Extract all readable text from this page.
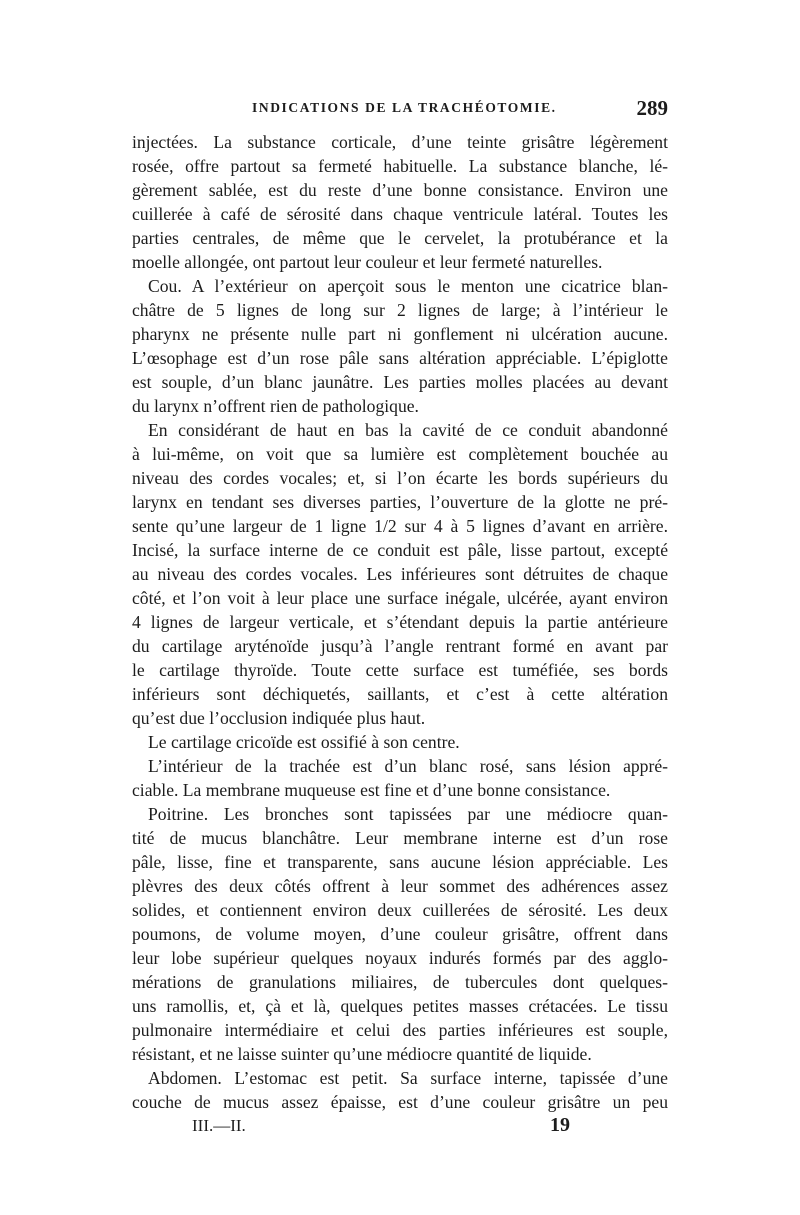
INDICATIONS DE LA TRACHÉOTOMIE.	289
injectées. La substance corticale, d’une teinte grisâtre légèrement
rosée, offre partout sa fermeté habituelle. La substance blanche, lé-
gèrement sablée, est du reste d’une bonne consistance. Environ une
cuillerée à café de sérosité dans chaque ventricule latéral. Toutes les
parties centrales, de même que le cervelet, la protubérance et la
moelle allongée, ont partout leur couleur et leur fermeté naturelles.
Cou. A l’extérieur on aperçoit sous le menton une cicatrice blan-
châtre de 5 lignes de long sur 2 lignes de large; à l’intérieur le
pharynx ne présente nulle part ni gonflement ni ulcération aucune.
L’œsophage est d’un rose pâle sans altération appréciable. L’épiglotte
est souple, d’un blanc jaunâtre. Les parties molles placées au devant
du larynx n’offrent rien de pathologique.
En considérant de haut en bas la cavité de ce conduit abandonné
à lui-même, on voit que sa lumière est complètement bouchée au
niveau des cordes vocales; et, si l’on écarte les bords supérieurs du
larynx en tendant ses diverses parties, l’ouverture de la glotte ne pré-
sente qu’une largeur de 1 ligne 1/2 sur 4 à 5 lignes d’avant en arrière.
Incisé, la surface interne de ce conduit est pâle, lisse partout, excepté
au niveau des cordes vocales. Les inférieures sont détruites de chaque
côté, et l’on voit à leur place une surface inégale, ulcérée, ayant environ
4 lignes de largeur verticale, et s’étendant depuis la partie antérieure
du cartilage aryténoïde jusqu’à l’angle rentrant formé en avant par
le cartilage thyroïde. Toute cette surface est tuméfiée, ses bords
inférieurs sont déchiquetés, saillants, et c’est à cette altération
qu’est due l’occlusion indiquée plus haut.
Le cartilage cricoïde est ossifié à son centre.
L’intérieur de la trachée est d’un blanc rosé, sans lésion appré-
ciable. La membrane muqueuse est fine et d’une bonne consistance.
Poitrine. Les bronches sont tapissées par une médiocre quan-
tité de mucus blanchâtre. Leur membrane interne est d’un rose
pâle, lisse, fine et transparente, sans aucune lésion appréciable. Les
plèvres des deux côtés offrent à leur sommet des adhérences assez
solides, et contiennent environ deux cuillerées de sérosité. Les deux
poumons, de volume moyen, d’une couleur grisâtre, offrent dans
leur lobe supérieur quelques noyaux indurés formés par des agglo-
mérations de granulations miliaires, de tubercules dont quelques-
uns ramollis, et, çà et là, quelques petites masses crétacées. Le tissu
pulmonaire intermédiaire et celui des parties inférieures est souple,
résistant, et ne laisse suinter qu’une médiocre quantité de liquide.
Abdomen. L’estomac est petit. Sa surface interne, tapissée d’une
couche de mucus assez épaisse, est d’une couleur grisâtre un peu
III.—II.	19
